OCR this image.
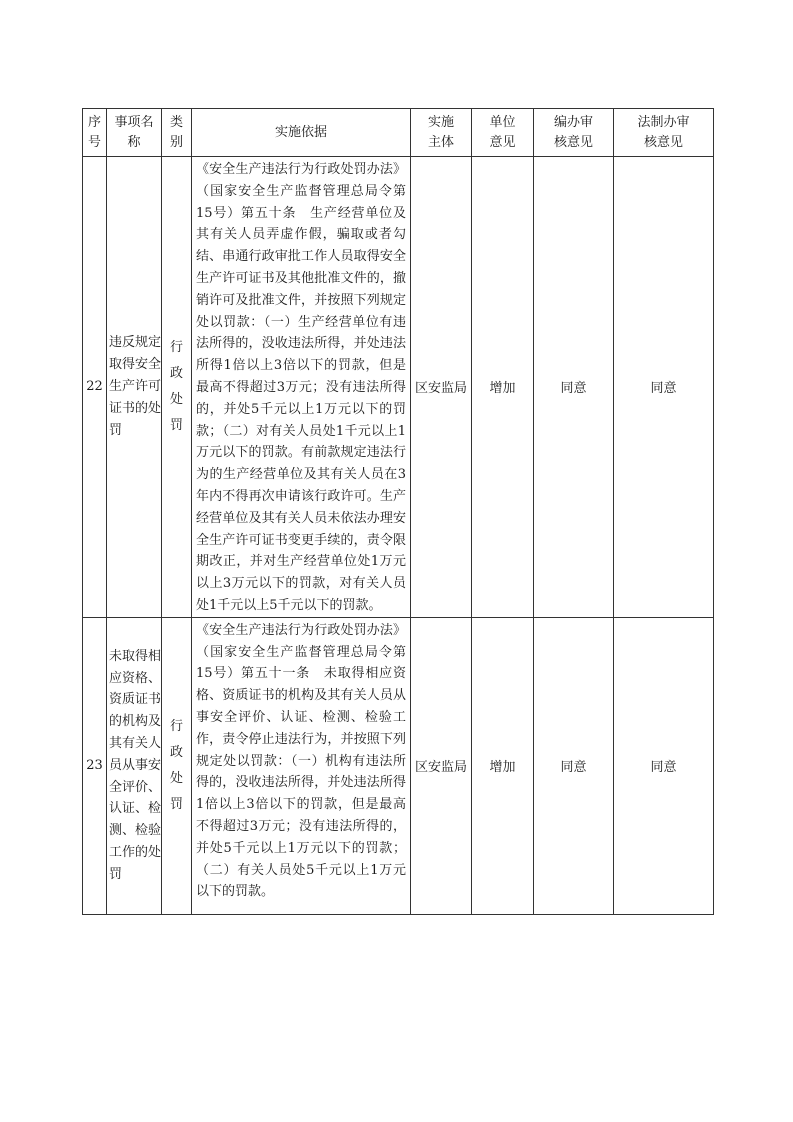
序号	事项名称	类别	实施依据	实施主体	单位意见	编办审核意见	法制办审核意见

22	违反规定取得安全生产许可证书的处罚	行政处罚	《安全生产违法行为行政处罚办法》（国家安全生产监督管理总局令第15号）第五十条　生产经营单位及其有关人员弄虚作假，骗取或者勾结、串通行政审批工作人员取得安全生产许可证书及其他批准文件的，撤销许可及批准文件，并按照下列规定处以罚款：（一）生产经营单位有违法所得的，没收违法所得，并处违法所得1倍以上3倍以下的罚款，但是最高不得超过3万元；没有违法所得的，并处5千元以上1万元以下的罚款；（二）对有关人员处1千元以上1万元以下的罚款。有前款规定违法行为的生产经营单位及其有关人员在3年内不得再次申请该行政许可。生产经营单位及其有关人员未依法办理安全生产许可证书变更手续的，责令限期改正，并对生产经营单位处1万元以上3万元以下的罚款，对有关人员处1千元以上5千元以下的罚款。	区安监局	增加	同意	同意
23	未取得相应资格、资质证书的机构及其有关人员从事安全评价、认证、检测、检验工作的处罚	行政处罚	《安全生产违法行为行政处罚办法》（国家安全生产监督管理总局令第15号）第五十一条　未取得相应资格、资质证书的机构及其有关人员从事安全评价、认证、检测、检验工作，责令停止违法行为，并按照下列规定处以罚款：（一）机构有违法所得的，没收违法所得，并处违法所得1倍以上3倍以下的罚款，但是最高不得超过3万元；没有违法所得的，并处5千元以上1万元以下的罚款；（二）有关人员处5千元以上1万元以下的罚款。	区安监局	增加	同意	同意
